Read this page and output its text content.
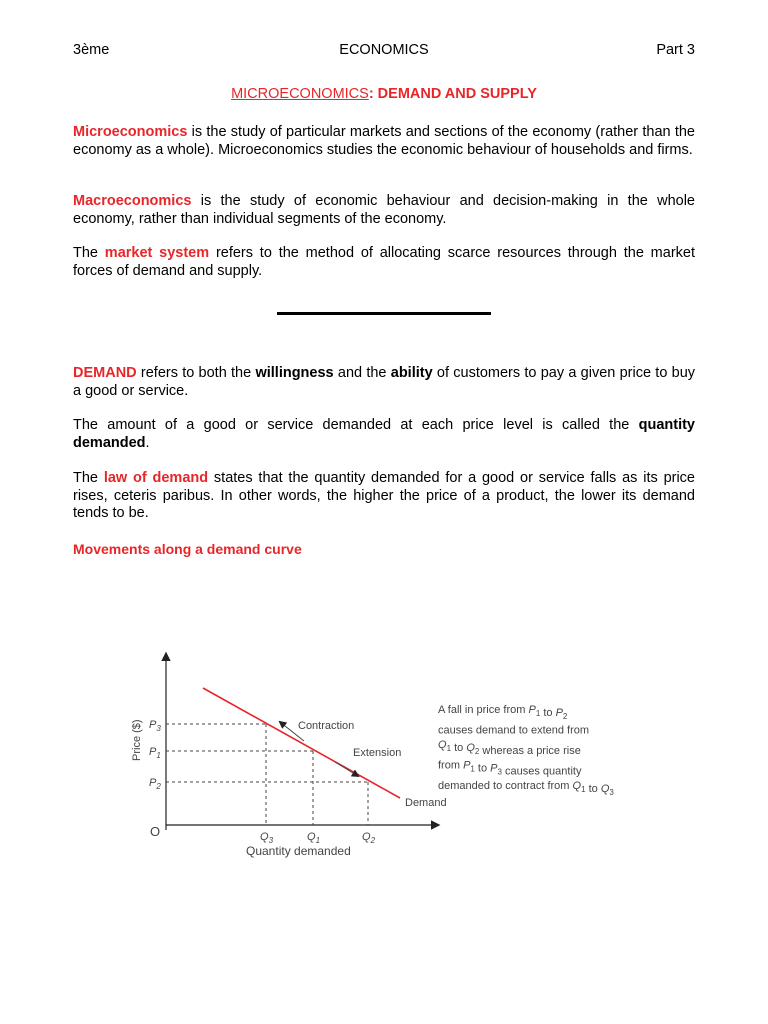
3ème	ECONOMICS	Part 3
MICROECONOMICS: DEMAND AND SUPPLY
Microeconomics is the study of particular markets and sections of the economy (rather than the economy as a whole). Microeconomics studies the economic behaviour of households and firms.
Macroeconomics is the study of economic behaviour and decision-making in the whole economy, rather than individual segments of the economy.
The market system refers to the method of allocating scarce resources through the market forces of demand and supply.
DEMAND refers to both the willingness and the ability of customers to pay a given price to buy a good or service.
The amount of a good or service demanded at each price level is called the quantity demanded.
The law of demand states that the quantity demanded for a good or service falls as its price rises, ceteris paribus. In other words, the higher the price of a product, the lower its demand tends to be.
Movements along a demand curve
O
Price ($)
Quantity demanded
Demand
Contraction
Extension
$P_3$
$P_1$
$P_2$
$Q_3$	$Q_1$	$Q_2$
A fall in price from $P_1$ to $P_2$ causes demand to extend from $Q_1$ to $Q_2$ whereas a price rise from $P_1$ to $P_3$ causes quantity demanded to contract from $Q_1$ to $Q_3$
